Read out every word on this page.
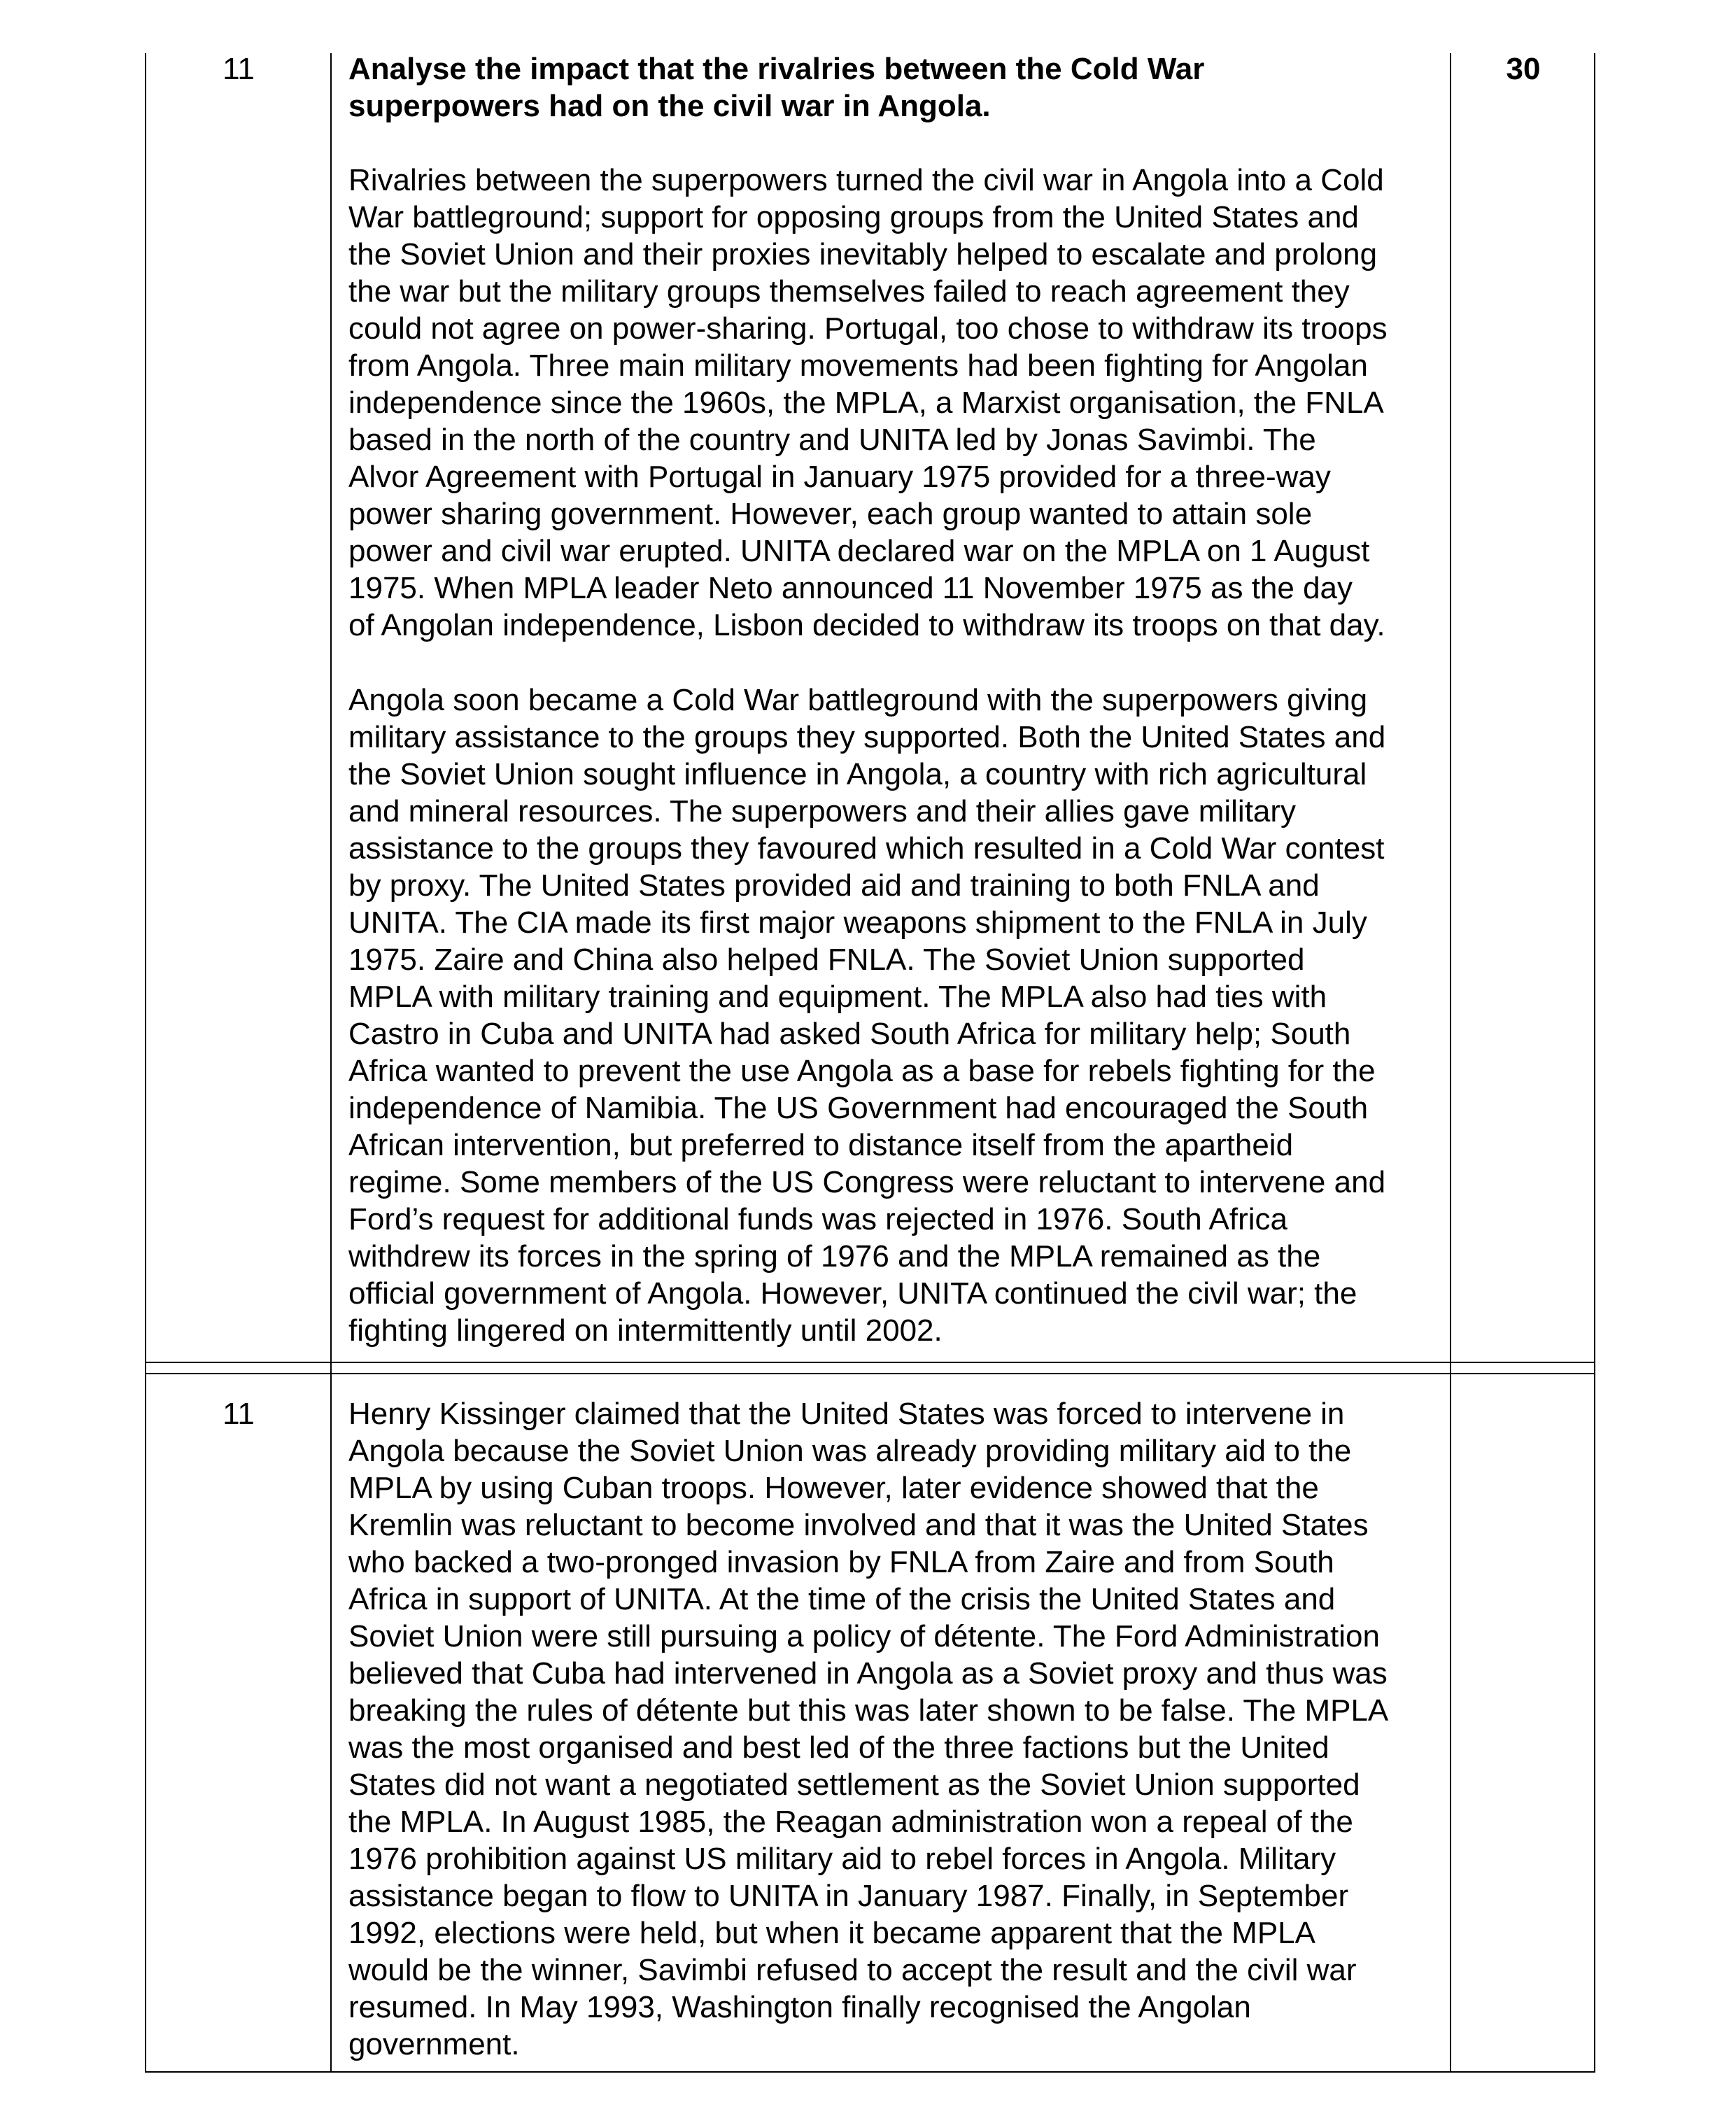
11	30
Analyse the impact that the rivalries between the Cold War
superpowers had on the civil war in Angola.
Rivalries between the superpowers turned the civil war in Angola into a Cold
War battleground; support for opposing groups from the United States and
the Soviet Union and their proxies inevitably helped to escalate and prolong
the war but the military groups themselves failed to reach agreement they
could not agree on power-sharing. Portugal, too chose to withdraw its troops
from Angola. Three main military movements had been fighting for Angolan
independence since the 1960s, the MPLA, a Marxist organisation, the FNLA
based in the north of the country and UNITA led by Jonas Savimbi. The
Alvor Agreement with Portugal in January 1975 provided for a three-way
power sharing government. However, each group wanted to attain sole
power and civil war erupted. UNITA declared war on the MPLA on 1 August
1975. When MPLA leader Neto announced 11 November 1975 as the day
of Angolan independence, Lisbon decided to withdraw its troops on that day.
Angola soon became a Cold War battleground with the superpowers giving
military assistance to the groups they supported. Both the United States and
the Soviet Union sought influence in Angola, a country with rich agricultural
and mineral resources. The superpowers and their allies gave military
assistance to the groups they favoured which resulted in a Cold War contest
by proxy. The United States provided aid and training to both FNLA and
UNITA. The CIA made its first major weapons shipment to the FNLA in July
1975. Zaire and China also helped FNLA. The Soviet Union supported
MPLA with military training and equipment. The MPLA also had ties with
Castro in Cuba and UNITA had asked South Africa for military help; South
Africa wanted to prevent the use Angola as a base for rebels fighting for the
independence of Namibia. The US Government had encouraged the South
African intervention, but preferred to distance itself from the apartheid
regime. Some members of the US Congress were reluctant to intervene and
Ford’s request for additional funds was rejected in 1976. South Africa
withdrew its forces in the spring of 1976 and the MPLA remained as the
official government of Angola. However, UNITA continued the civil war; the
fighting lingered on intermittently until 2002.
11	Henry Kissinger claimed that the United States was forced to intervene in
Angola because the Soviet Union was already providing military aid to the
MPLA by using Cuban troops. However, later evidence showed that the
Kremlin was reluctant to become involved and that it was the United States
who backed a two-pronged invasion by FNLA from Zaire and from South
Africa in support of UNITA. At the time of the crisis the United States and
Soviet Union were still pursuing a policy of détente. The Ford Administration
believed that Cuba had intervened in Angola as a Soviet proxy and thus was
breaking the rules of détente but this was later shown to be false. The MPLA
was the most organised and best led of the three factions but the United
States did not want a negotiated settlement as the Soviet Union supported
the MPLA. In August 1985, the Reagan administration won a repeal of the
1976 prohibition against US military aid to rebel forces in Angola. Military
assistance began to flow to UNITA in January 1987. Finally, in September
1992, elections were held, but when it became apparent that the MPLA
would be the winner, Savimbi refused to accept the result and the civil war
resumed. In May 1993, Washington finally recognised the Angolan
government.
